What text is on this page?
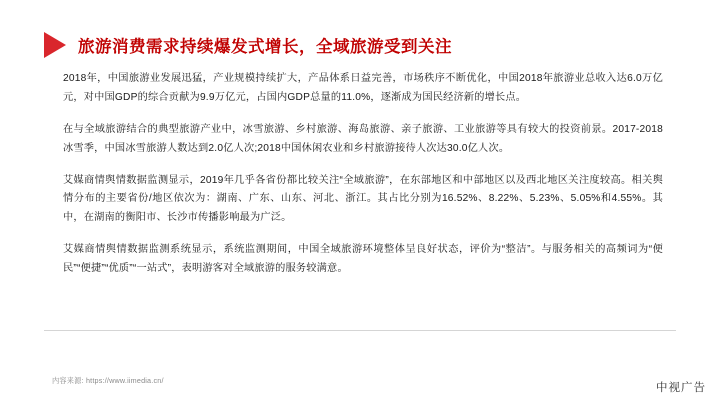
旅游消费需求持续爆发式增长，全域旅游受到关注

2018年，中国旅游业发展迅猛，产业规模持续扩大，产品体系日益完善，市场秩序不断优化，中国2018年旅游业总收入达6.0万亿元，对中国GDP的综合贡献为9.9万亿元，占国内GDP总量的11.0%，逐渐成为国民经济新的增长点。

在与全域旅游结合的典型旅游产业中，冰雪旅游、乡村旅游、海岛旅游、亲子旅游、工业旅游等具有较大的投资前景。2017-2018冰雪季，中国冰雪旅游人数达到2.0亿人次;2018中国休闲农业和乡村旅游接待人次达30.0亿人次。

艾媒商情舆情数据监测显示，2019年几乎各省份都比较关注“全域旅游”，在东部地区和中部地区以及西北地区关注度较高。相关舆情分布的主要省份/地区依次为：湖南、广东、山东、河北、浙江。其占比分别为16.52%、8.22%、5.23%、5.05%和4.55%。其中，在湖南的衡阳市、长沙市传播影响最为广泛。

艾媒商情舆情数据监测系统显示，系统监测期间，中国全域旅游环境整体呈良好状态，评价为“整洁”。与服务相关的高频词为“便民”“便捷”“优质”“一站式”，表明游客对全域旅游的服务较满意。

内容来源: https://www.iimedia.cn/
中视广告
